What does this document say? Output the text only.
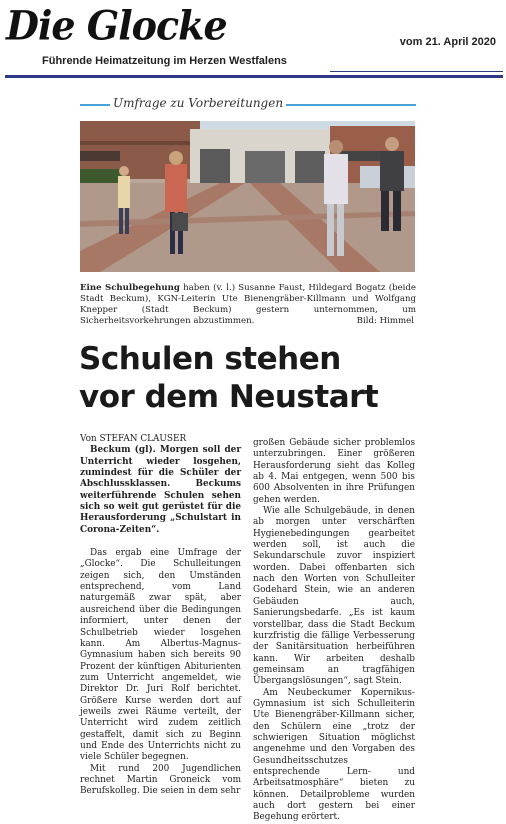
Die Glocke
Führende Heimatzeitung im Herzen Westfalens
vom 21. April 2020
Umfrage zu Vorbereitungen
Eine Schulbegehung haben (v. l.) Susanne Faust, Hildegard Bogatz (beide Stadt Beckum), KGN-Leiterin Ute Bienengräber-Killmann und Wolfgang Knepper (Stadt Beckum) gestern unternommen, um Sicherheitsvorkehrungen abzustimmen.	Bild: Himmel
Schulen stehen
vor dem Neustart

Von STEFAN CLAUSER

Beckum (gl). Morgen soll der Unterricht wieder losgehen, zumindest für die Schüler der Abschlussklassen. Beckums weiterführende Schulen sehen sich so weit gut gerüstet für die Herausforderung „Schulstart in Corona-Zeiten“.

Das ergab eine Umfrage der „Glocke“. Die Schulleitungen zeigen sich, den Umständen entsprechend, vom Land naturgemäß zwar spät, aber ausreichend über die Bedingungen informiert, unter denen der Schulbetrieb wieder losgehen kann. Am Albertus-Magnus-Gymnasium haben sich bereits 90 Prozent der künftigen Abiturienten zum Unterricht angemeldet, wie Direktor Dr. Juri Rolf berichtet. Größere Kurse werden dort auf jeweils zwei Räume verteilt, der Unterricht wird zudem zeitlich gestaffelt, damit sich zu Beginn und Ende des Unterrichts nicht zu viele Schüler begegnen.

Mit rund 200 Jugendlichen rechnet Martin Groneick vom Berufskolleg. Die seien in dem sehr

großen Gebäude sicher problemlos unterzubringen. Einer größeren Herausforderung sieht das Kolleg ab 4. Mai entgegen, wenn 500 bis 600 Absolventen in ihre Prüfungen gehen werden.

Wie alle Schulgebäude, in denen ab morgen unter verschärften Hygienebedingungen gearbeitet werden soll, ist auch die Sekundarschule zuvor inspiziert worden. Dabei offenbarten sich nach den Worten von Schulleiter Godehard Stein, wie an anderen Gebäuden auch, Sanierungsbedarfe. „Es ist kaum vorstellbar, dass die Stadt Beckum kurzfristig die fällige Verbesserung der Sanitärsituation herbeiführen kann. Wir arbeiten deshalb gemeinsam an tragfähigen Übergangslösungen“, sagt Stein.

Am Neubeckumer Kopernikus-Gymnasium ist sich Schulleiterin Ute Bienengräber-Killmann sicher, den Schülern eine „trotz der schwierigen Situation möglichst angenehme und den Vorgaben des Gesundheitsschutzes entsprechende Lern- und Arbeitsatmosphäre“ bieten zu können. Detailprobleme wurden auch dort gestern bei einer Begehung erörtert.
